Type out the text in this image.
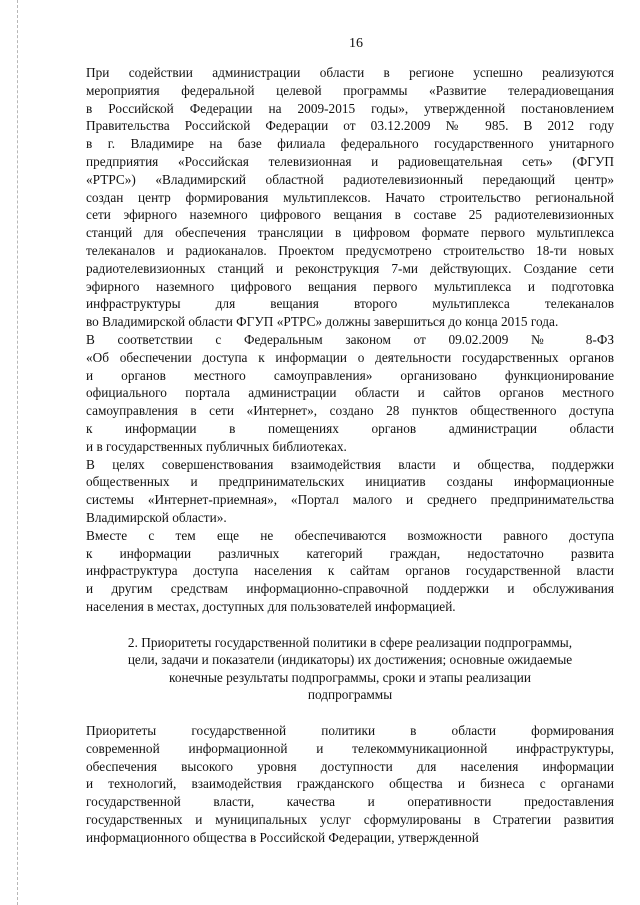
16
При содействии администрации области в регионе успешно реализуются
мероприятия федеральной целевой программы «Развитие телерадиовещания
в Российской Федерации на 2009-2015 годы», утвержденной постановлением
Правительства Российской Федерации от 03.12.2009 № 985. В 2012 году
в г. Владимире на базе филиала федерального государственного унитарного
предприятия «Российская телевизионная и радиовещательная сеть» (ФГУП
«РТРС») «Владимирский областной радиотелевизионный передающий центр»
создан центр формирования мультиплексов. Начато строительство региональной
сети эфирного наземного цифрового вещания в составе 25 радиотелевизионных
станций для обеспечения трансляции в цифровом формате первого мультиплекса
телеканалов и радиоканалов. Проектом предусмотрено строительство 18-ти новых
радиотелевизионных станций и реконструкция 7-ми действующих. Создание сети
эфирного наземного цифрового вещания первого мультиплекса и подготовка
инфраструктуры для вещания второго мультиплекса телеканалов
во Владимирской области ФГУП «РТРС» должны завершиться до конца 2015 года.
В соответствии с Федеральным законом от 09.02.2009 № 8-ФЗ
«Об обеспечении доступа к информации о деятельности государственных органов
и органов местного самоуправления» организовано функционирование
официального портала администрации области и сайтов органов местного
самоуправления в сети «Интернет», создано 28 пунктов общественного доступа
к информации в помещениях органов администрации области
и в государственных публичных библиотеках.
В целях совершенствования взаимодействия власти и общества, поддержки
общественных и предпринимательских инициатив созданы информационные
системы «Интернет-приемная», «Портал малого и среднего предпринимательства
Владимирской области».
Вместе с тем еще не обеспечиваются возможности равного доступа
к информации различных категорий граждан, недостаточно развита
инфраструктура доступа населения к сайтам органов государственной власти
и другим средствам информационно-справочной поддержки и обслуживания
населения в местах, доступных для пользователей информацией.
2. Приоритеты государственной политики в сфере реализации подпрограммы,
цели, задачи и показатели (индикаторы) их достижения; основные ожидаемые
конечные результаты подпрограммы, сроки и этапы реализации
подпрограммы
Приоритеты государственной политики в области формирования
современной информационной и телекоммуникационной инфраструктуры,
обеспечения высокого уровня доступности для населения информации
и технологий, взаимодействия гражданского общества и бизнеса с органами
государственной власти, качества и оперативности предоставления
государственных и муниципальных услуг сформулированы в Стратегии развития
информационного общества в Российской Федерации, утвержденной
